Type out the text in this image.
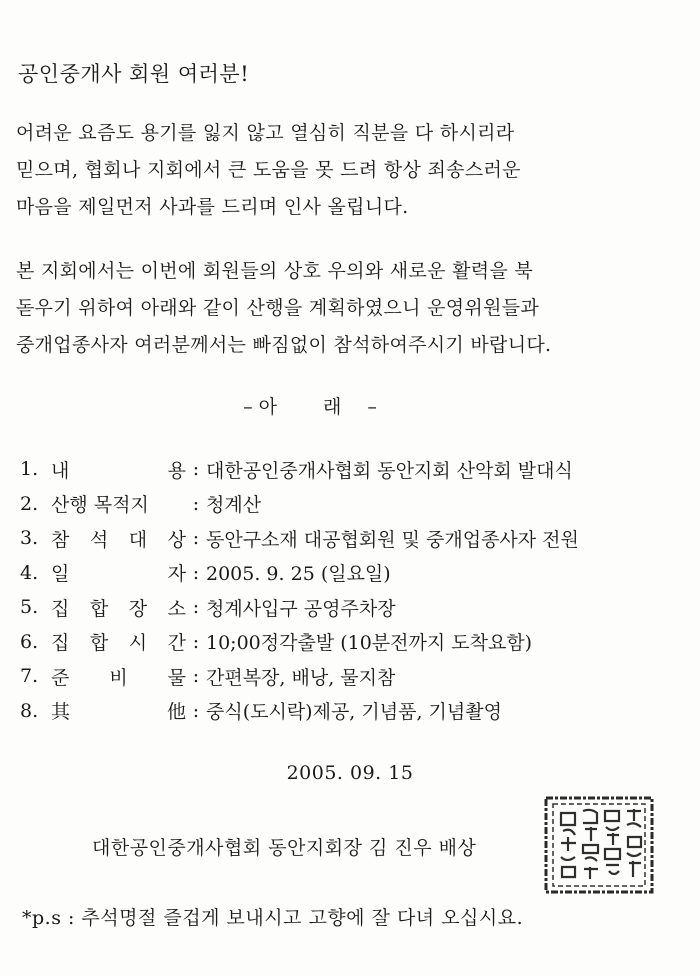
공인중개사 회원 여러분!
어려운 요즘도 용기를 잃지 않고 열심히 직분을 다 하시리라
믿으며, 협회나 지회에서 큰 도움을 못 드려 항상 죄송스러운
마음을 제일먼저 사과를 드리며 인사 올립니다.
본 지회에서는 이번에 회원들의 상호 우의와 새로운 활력을 북
돋우기 위하여 아래와 같이 산행을 계획하였으니 운영위원들과
중개업종사자 여러분께서는 빠짐없이 참석하여주시기 바랍니다.
– 아 래 –
1. 내	용 : 대한공인중개사협회 동안지회 산악회 발대식
2. 산행 목적지	: 청계산
3. 참 석 대 상 : 동안구소재 대공협회원 및 중개업종사자 전원
4. 일	자 : 2005. 9. 25 (일요일)
5. 집 합 장 소 : 청계사입구 공영주차장
6. 집 합 시 간 : 10;00정각출발 (10분전까지 도착요함)
7. 준 비 물 : 간편복장, 배낭, 물지참
8. 其	他 : 중식(도시락)제공, 기념품, 기념촬영
2005. 09. 15
대한공인중개사협회 동안지회장 김 진우 배상
*p.s : 추석명절 즐겁게 보내시고 고향에 잘 다녀 오십시요.
